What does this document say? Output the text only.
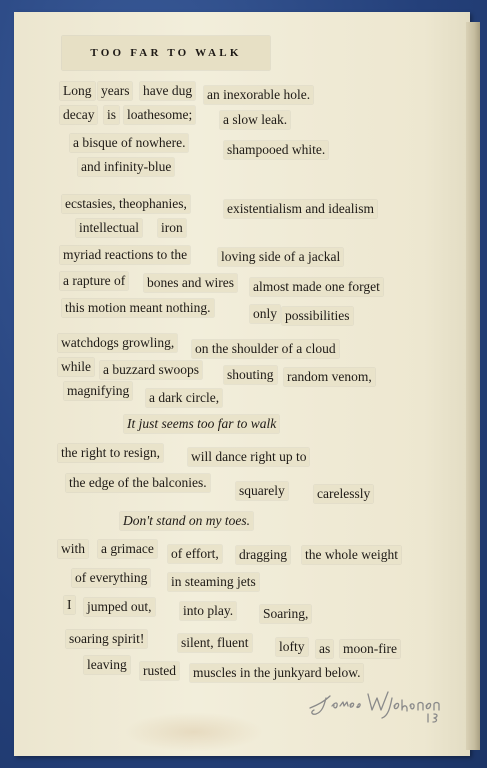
TOO FAR TO WALK
Long years have dug an inexorable hole.
decay is loathesome; a slow leak.
a bisque of nowhere.	shampooed white.
and infinity-blue
ecstasies, theophanies,	existentialism and idealism
intellectual iron
myriad reactions to the	loving side of a jackal
a rapture of bones and wires almost made one forget
this motion meant nothing.	only possibilities
watchdogs growling, on the shoulder of a cloud
while a buzzard swoops shouting random venom,
magnifying a dark circle,
It just seems too far to walk
the right to resign, will dance right up to
the edge of the balconies.
squarely carelessly
Don't stand on my toes.
with a grimace of effort, dragging the whole weight
of everything in steaming jets
I jumped out, into play. Soaring,
soaring spirit!	silent, fluent lofty as moon-fire
leaving rusted muscles in the junkyard below.
